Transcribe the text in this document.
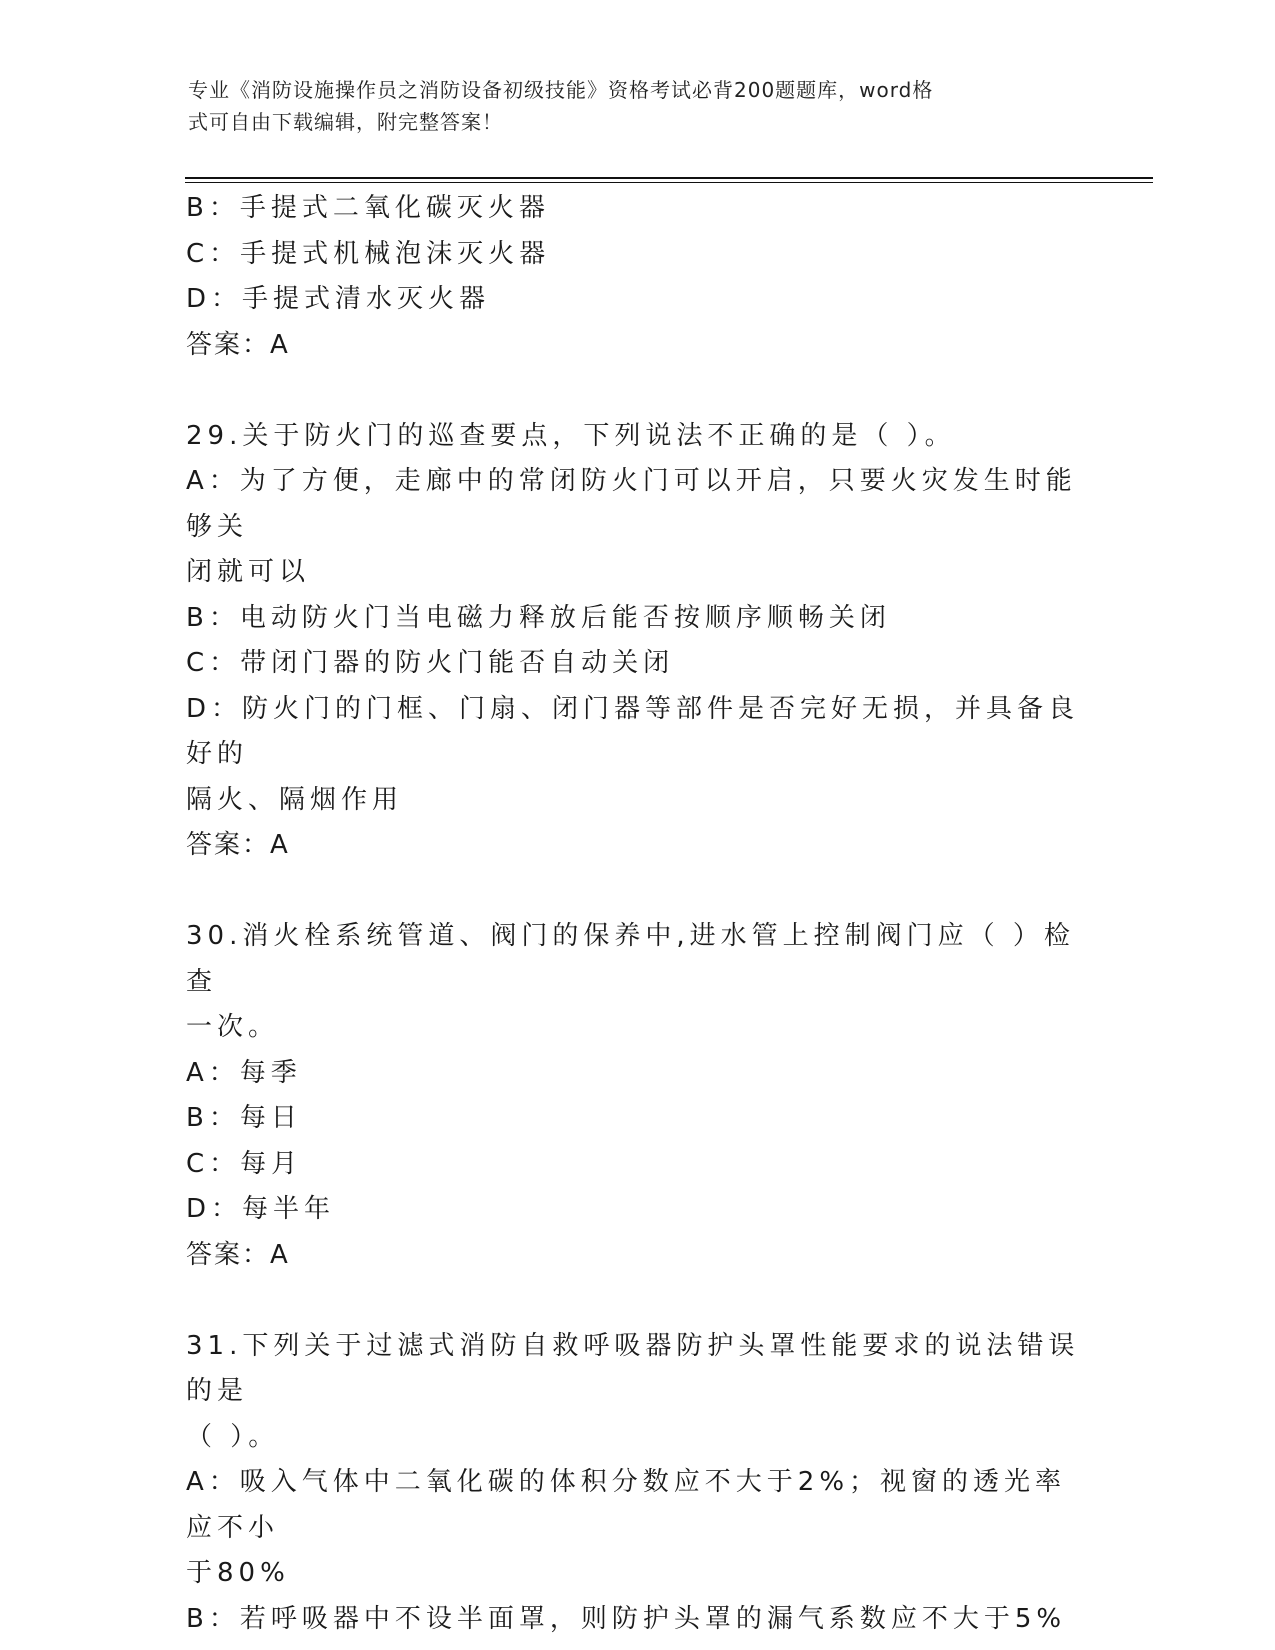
专业《消防设施操作员之消防设备初级技能》资格考试必背200题题库，word格
式可自由下载编辑，附完整答案！
B：手提式二氧化碳灭火器
C：手提式机械泡沫灭火器
D：手提式清水灭火器
答案：A
29.关于防火门的巡查要点，下列说法不正确的是（ ）。
A：为了方便，走廊中的常闭防火门可以开启，只要火灾发生时能够关
闭就可以
B：电动防火门当电磁力释放后能否按顺序顺畅关闭
C：带闭门器的防火门能否自动关闭
D：防火门的门框、门扇、闭门器等部件是否完好无损，并具备良好的
隔火、隔烟作用
答案：A
30.消火栓系统管道、阀门的保养中,进水管上控制阀门应（ ）检查
一次。
A：每季
B：每日
C：每月
D：每半年
答案：A
31.下列关于过滤式消防自救呼吸器防护头罩性能要求的说法错误的是
（ ）。
A：吸入气体中二氧化碳的体积分数应不大于2%；视窗的透光率应不小
于80%
B：若呼吸器中不设半面罩，则防护头罩的漏气系数应不大于5%
